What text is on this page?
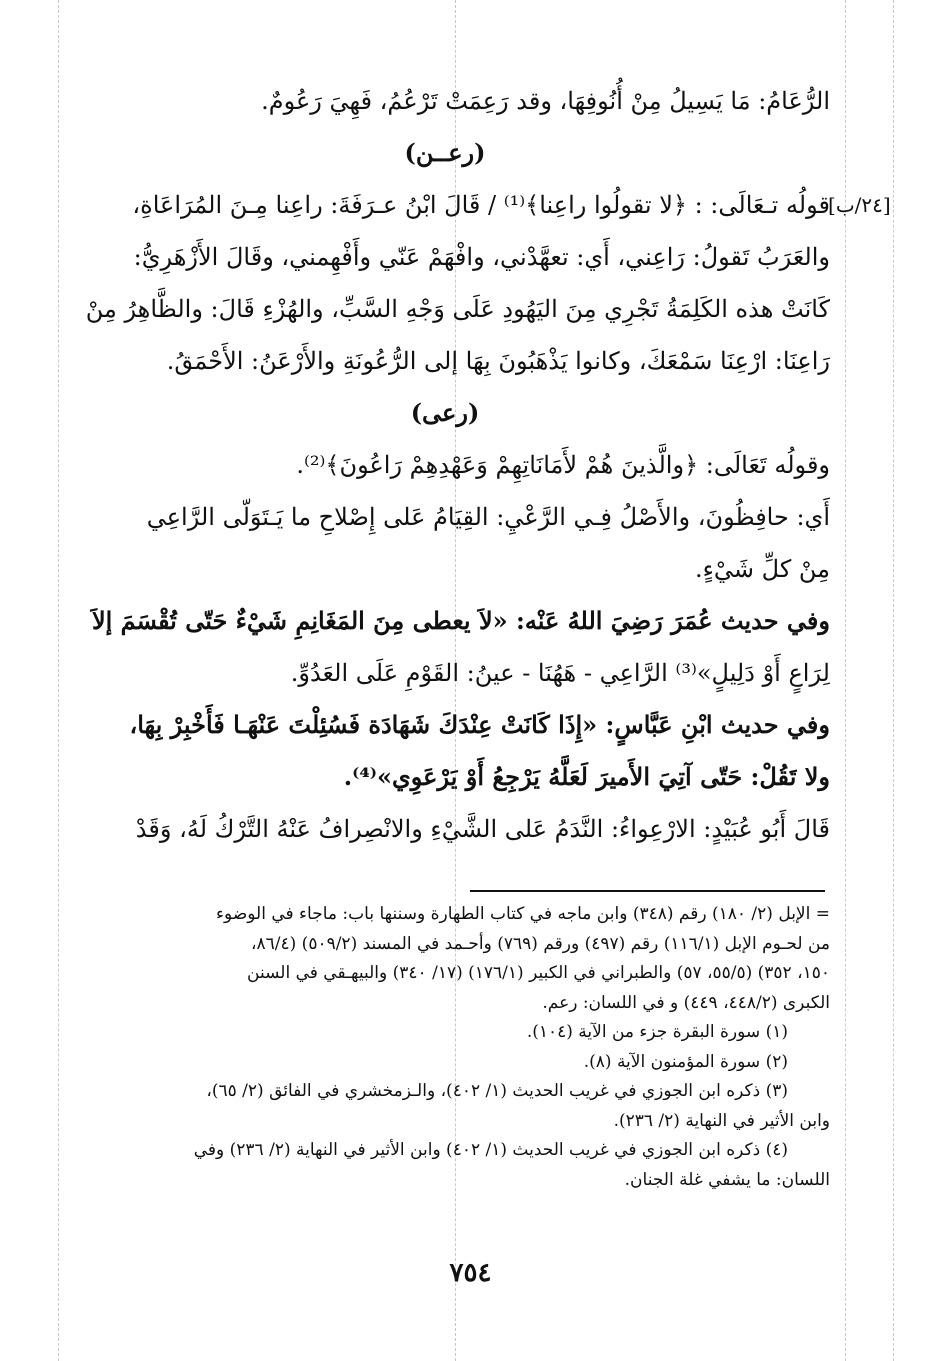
[٢٤/ب]
الرُّعَامُ: مَا يَسِيلُ مِنْ أُنُوفِهَا، وقد رَعِمَتْ تَرْعُمُ، فَهِيَ رَعُومٌ.
(رعــن)
قولُه تـعَالَى: : ﴿لا تقولُوا راعِنا﴾⁽¹⁾ / قَالَ ابْنُ عـرَفَةَ: راعِنا مِـنَ المُرَاعَاةِ،
والعَرَبُ تَقولُ: رَاعِني، أَي: تعهَّدْني، وافْهَمْ عَنّي وأَفْهِمني، وقَالَ الأَزْهَرِيُّ:
كَانَتْ هذه الكَلِمَةُ تَجْرِي مِنَ اليَهُودِ عَلَى وَجْهِ السَّبِّ، والهُزْءِ قَالَ: والظَّاهِرُ مِنْ
رَاعِنَا: ارْعِنَا سَمْعَكَ، وكانوا يَذْهَبُونَ بِهَا إلى الرُّعُونَةِ والأَرْعَنُ: الأَحْمَقُ.
(رعى)
وقولُه تَعَالَى: ﴿والَّذينَ هُمْ لأَمَانَاتِهِمْ وَعَهْدِهِمْ رَاعُونَ﴾⁽²⁾.
أَي: حافِظُونَ، والأَصْلُ فِـي الرَّعْيِ: القِيَامُ عَلى إِصْلاحِ ما يَـتَوَلّى الرَّاعِي
مِنْ كلِّ شَيْءٍ.
وفي حديث عُمَرَ رَضِيَ اللهُ عَنْه: «لاَ يعطى مِنَ المَغَانِمِ شَيْءٌ حَتّى تُقْسَمَ إلاَ
لِرَاعٍ أَوْ دَلِيلٍ»⁽³⁾ الرَّاعِي - هَهُنَا - عينُ: القَوْمِ عَلَى العَدُوِّ.
وفي حديث ابْنِ عَبَّاسٍ: «إِذَا كَانَتْ عِنْدَكَ شَهَادَة فَسُئِلْتَ عَنْهَـا فَأَخْبِرْ بِهَا،
ولا تَقُلْ: حَتّى آتِيَ الأَميرَ لَعَلَّهُ يَرْجِعُ أَوْ يَرْعَوِي»⁽⁴⁾.
قَالَ أَبُو عُبَيْدٍ: الارْعِواءُ: النَّدَمُ عَلى الشَّيْءِ والانْصِرافُ عَنْهُ التَّرْكُ لَهُ، وَقَدْ
= الإبل (٢/ ١٨٠) رقم (٣٤٨) وابن ماجه في كتاب الطهارة وسننها باب: ماجاء في الوضوء
من لحـوم الإبل (١١٦/١) رقم (٤٩٧) ورقم (٧٦٩) وأحـمد في المسند (٥٠٩/٢) (٨٦/٤،
١٥٠، ٣٥٢) (٥٥/٥، ٥٧) والطبراني في الكبير (١٧٦/١) (١٧/ ٣٤٠) والبيهـقي في السنن
الكبرى (٤٤٨/٢، ٤٤٩) و في اللسان: رعم.
(١) سورة البقرة جزء من الآية (١٠٤).
(٢) سورة المؤمنون الآية (٨).
(٣) ذكره ابن الجوزي في غريب الحديث (١/ ٤٠٢)، والـزمخشري في الفائق (٢/ ٦٥)،
وابن الأثير في النهاية (٢/ ٢٣٦).
(٤) ذكره ابن الجوزي في غريب الحديث (١/ ٤٠٢) وابن الأثير في النهاية (٢/ ٢٣٦) وفي
اللسان: ما يشفي غلة الجنان.
٧٥٤
